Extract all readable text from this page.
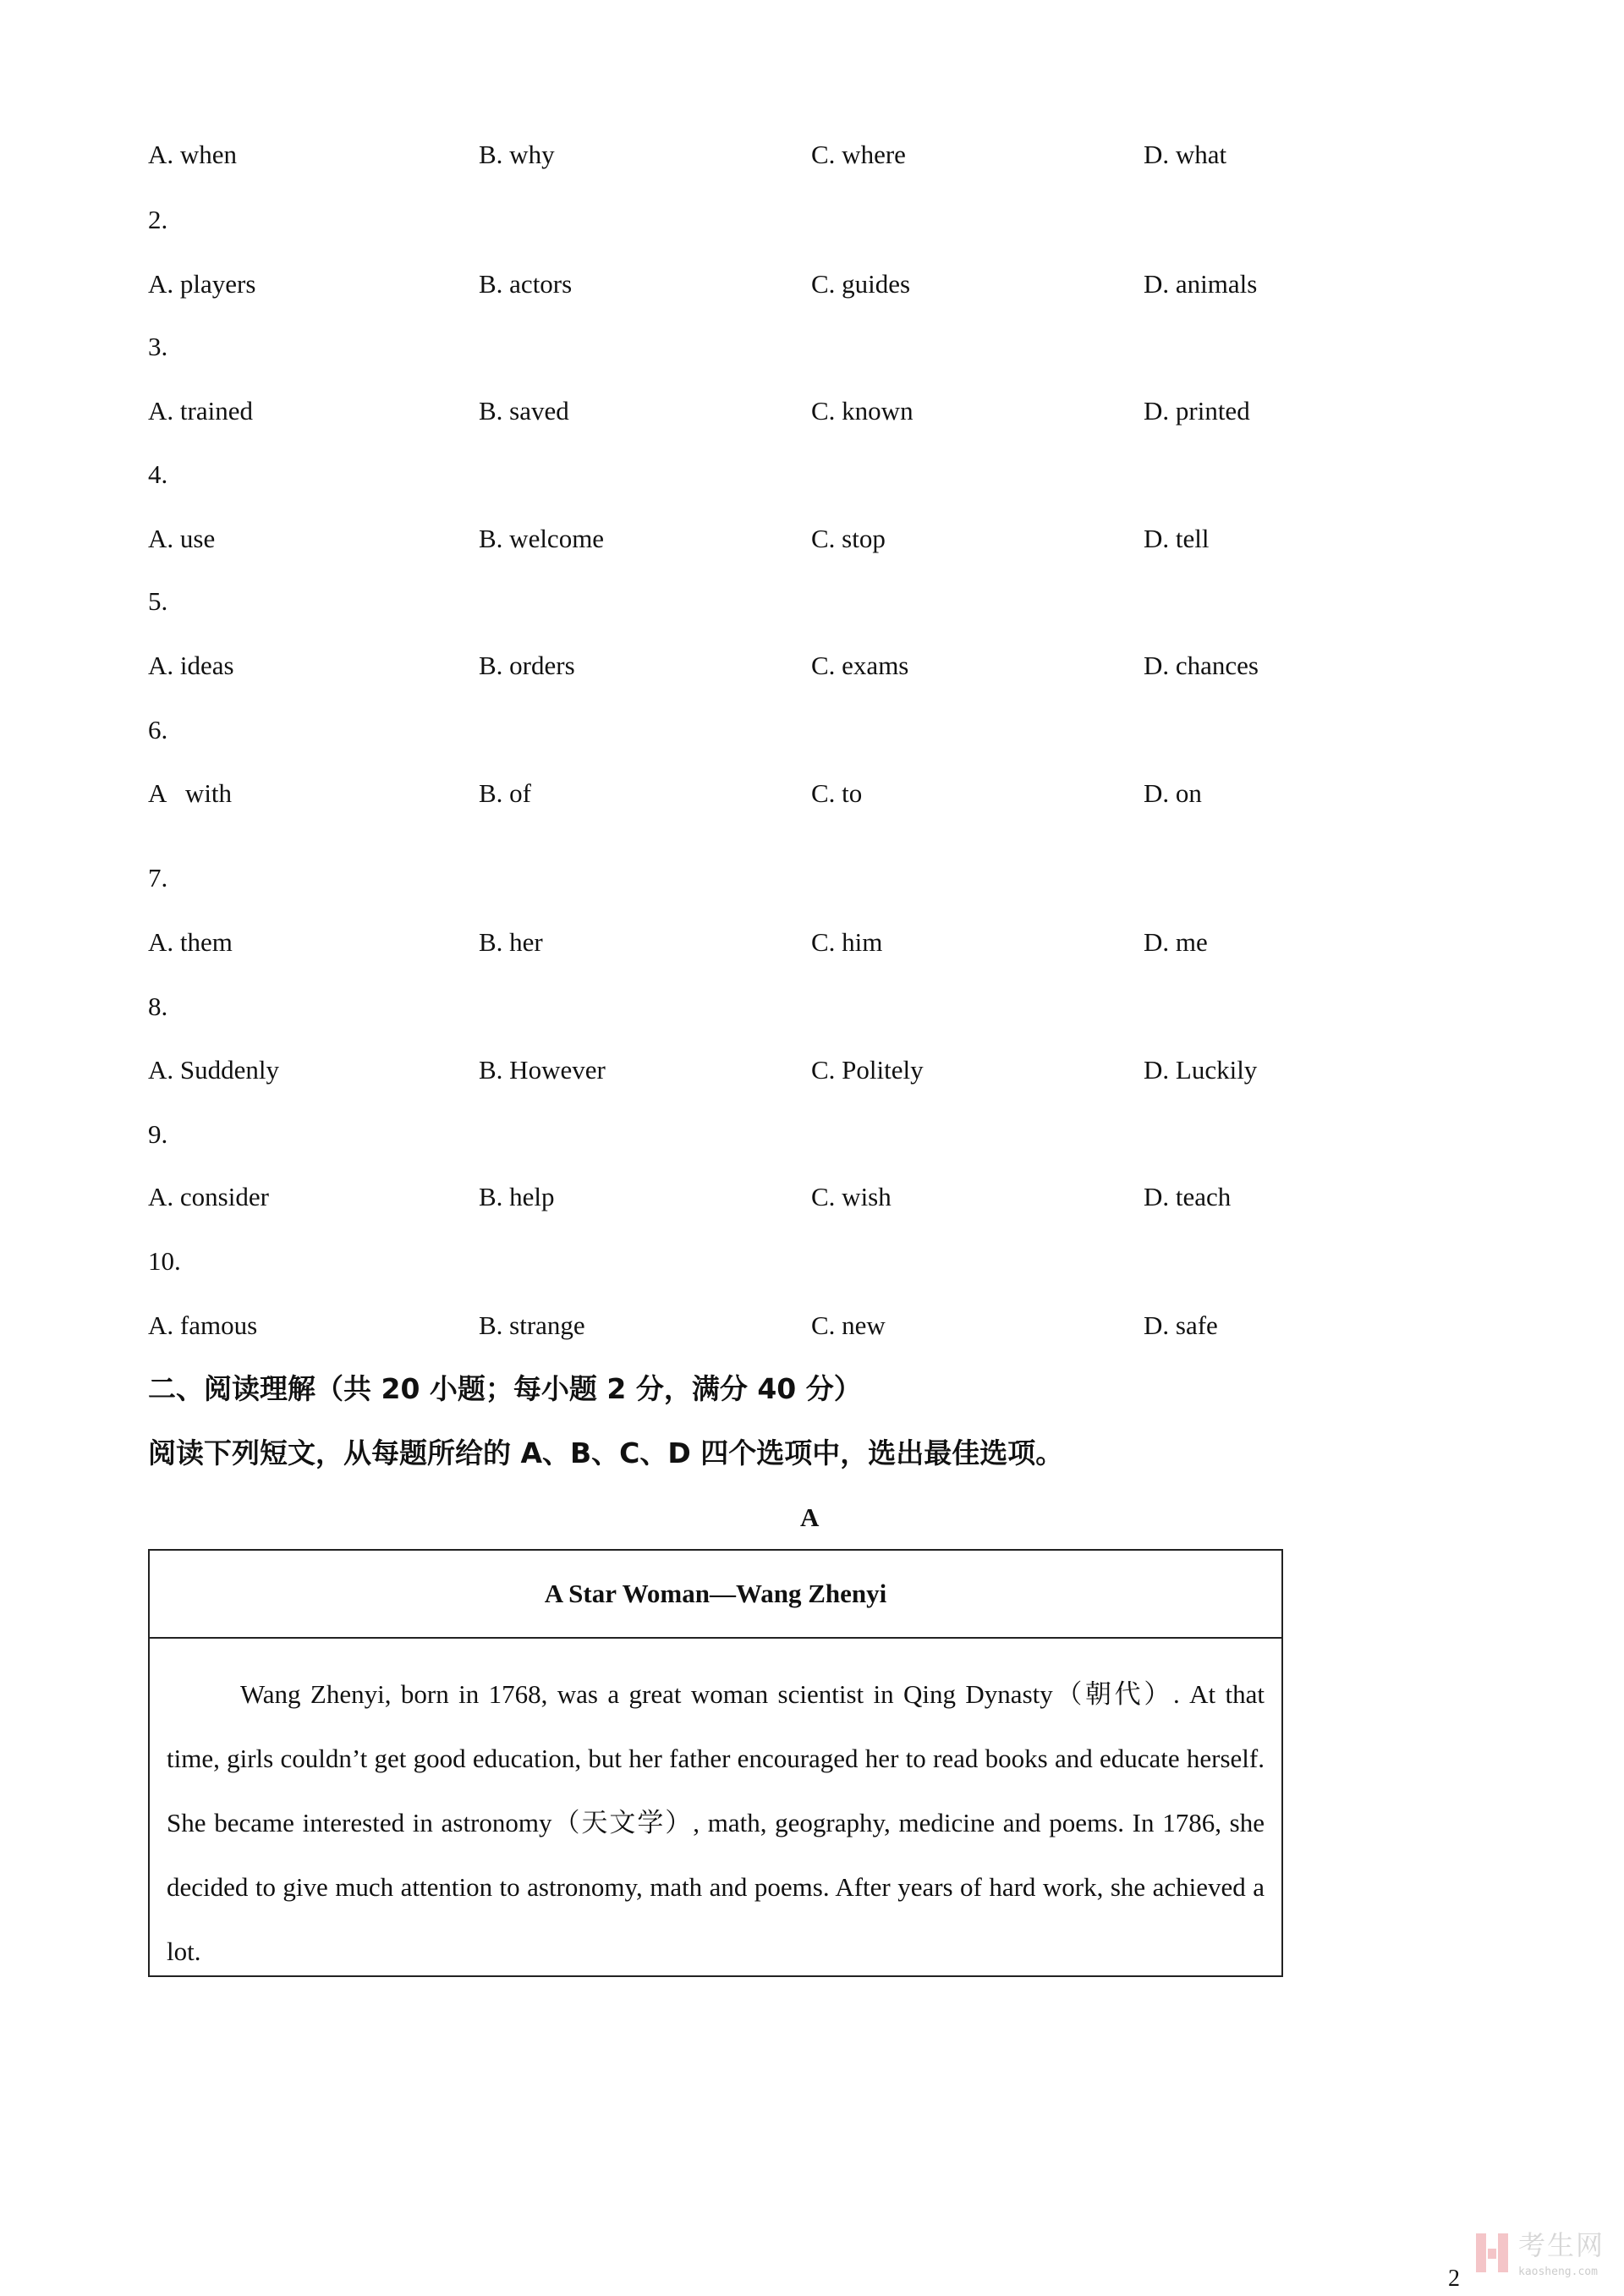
A. when	B. why	C. where	D. what
2.
A. players	B. actors	C. guides	D. animals
3.
A. trained	B. saved	C. known	D. printed
4.
A. use	B. welcome	C. stop	D. tell
5.
A. ideas	B. orders	C. exams	D. chances
6.
A   with	B. of	C. to	D. on
7.
A. them	B. her	C. him	D. me
8.
A. Suddenly	B. However	C. Politely	D. Luckily
9.
A. consider	B. help	C. wish	D. teach
10.
A. famous	B. strange	C. new	D. safe
二、阅读理解（共 20 小题；每小题 2 分，满分 40 分）
阅读下列短文，从每题所给的 A、B、C、D 四个选项中，选出最佳选项。
A
A Star Woman—Wang Zhenyi
Wang Zhenyi, born in 1768, was a great woman scientist in Qing Dynasty（朝代）. At that time, girls couldn’t get good education, but her father encouraged her to read books and educate herself. She became interested in astronomy（天文学）, math, geography, medicine and poems. In 1786, she decided to give much attention to astronomy, math and poems. After years of hard work, she achieved a lot.
考生网
kaosheng.com
2
